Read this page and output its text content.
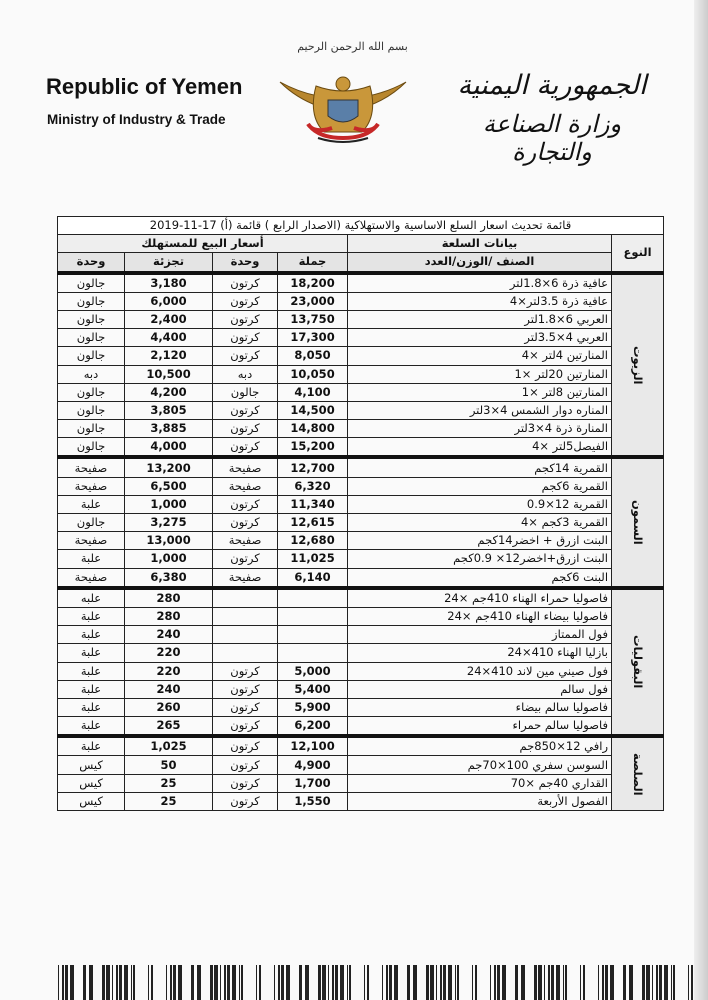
بسم الله الرحمن الرحيم
Republic of Yemen
Ministry of Industry & Trade
الجمهورية اليمنية
وزارة الصناعة والتجارة
قائمة تحديث اسعار السلع الاساسية والاستهلاكية (الاصدار الرابع ) قائمة (أ) 17-11-2019					
النوع	بيانات السلعة	أسعار البيع للمستهلك			
	الصنف /الوزن/العدد	جملة	وحدة	تجزئة	وحدة
الزيوت	عافية ذرة 6×1.8لتر	18,200	كرتون	3,180	جالون
	عافية ذرة 3.5لتر×4	23,000	كرتون	6,000	جالون
	العربي 6×1.8لتر	13,750	كرتون	2,400	جالون
	العربي 4×3.5لتر	17,300	كرتون	4,400	جالون
	المنارتين 4لتر ×4	8,050	كرتون	2,120	جالون
	المنارتين 20لتر ×1	10,050	دبه	10,500	دبه
	المنارتين 8لتر ×1	4,100	جالون	4,200	جالون
	المناره دوار الشمس 4×3لتر	14,500	كرتون	3,805	جالون
	المنارة ذرة 4×3لتر	14,800	كرتون	3,885	جالون
	الفيصل5لتر ×4	15,200	كرتون	4,000	جالون
السمون	القمرية 14كجم	12,700	صفيحة	13,200	صفيحة
	القمرية 6كجم	6,320	صفيحة	6,500	صفيحة
	القمرية 12×0.9	11,340	كرتون	1,000	علبة
	القمرية 3كجم ×4	12,615	كرتون	3,275	جالون
	البنت ازرق + اخضر14كجم	12,680	صفيحة	13,000	صفيحة
	البنت ازرق+اخضر12× 0.9كجم	11,025	كرتون	1,000	علبة
	البنت 6كجم	6,140	صفيحة	6,380	صفيحة
البقوليات	فاصوليا حمراء الهناء 410جم ×24			280	علبه
	فاصوليا بيضاء الهناء 410جم ×24			280	علبة
	فول الممتاز			240	علبة
	بازليا الهناء 410×24			220	علبة
	فول صيني مين لاند 410×24	5,000	كرتون	220	علبة
	فول سالم	5,400	كرتون	240	علبة
	فاصوليا سالم بيضاء	5,900	كرتون	260	علبة
	فاصوليا سالم حمراء	6,200	كرتون	265	علبة
الصلصة	رافي 12×850جم	12,100	كرتون	1,025	علبة
	السوسن سفري 100×70جم	4,900	كرتون	50	كيس
	القداري 40جم ×70	1,700	كرتون	25	كيس
	الفصول الأربعة	1,550	كرتون	25	كيس
